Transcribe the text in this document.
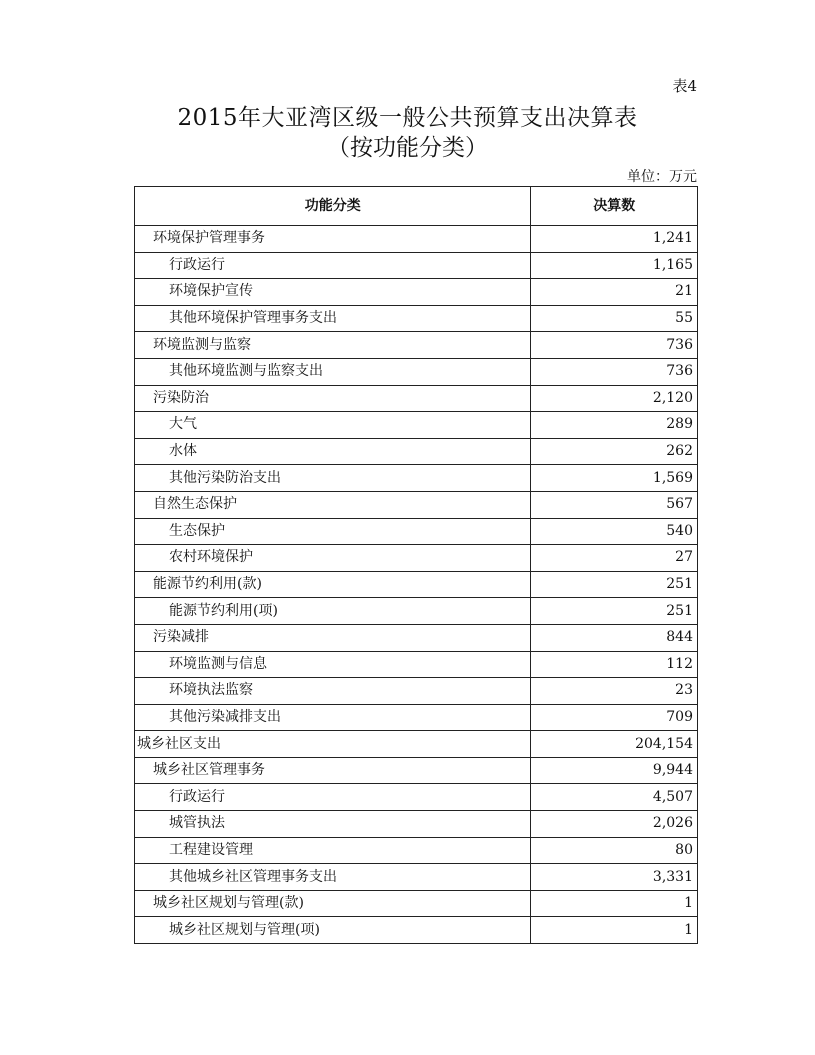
表4
2015年大亚湾区级一般公共预算支出决算表
（按功能分类）
单位：万元
功能分类	决算数
环境保护管理事务	1,241
行政运行	1,165
环境保护宣传	21
其他环境保护管理事务支出	55
环境监测与监察	736
其他环境监测与监察支出	736
污染防治	2,120
大气	289
水体	262
其他污染防治支出	1,569
自然生态保护	567
生态保护	540
农村环境保护	27
能源节约利用(款)	251
能源节约利用(项)	251
污染减排	844
环境监测与信息	112
环境执法监察	23
其他污染减排支出	709
城乡社区支出	204,154
城乡社区管理事务	9,944
行政运行	4,507
城管执法	2,026
工程建设管理	80
其他城乡社区管理事务支出	3,331
城乡社区规划与管理(款)	1
城乡社区规划与管理(项)	1
